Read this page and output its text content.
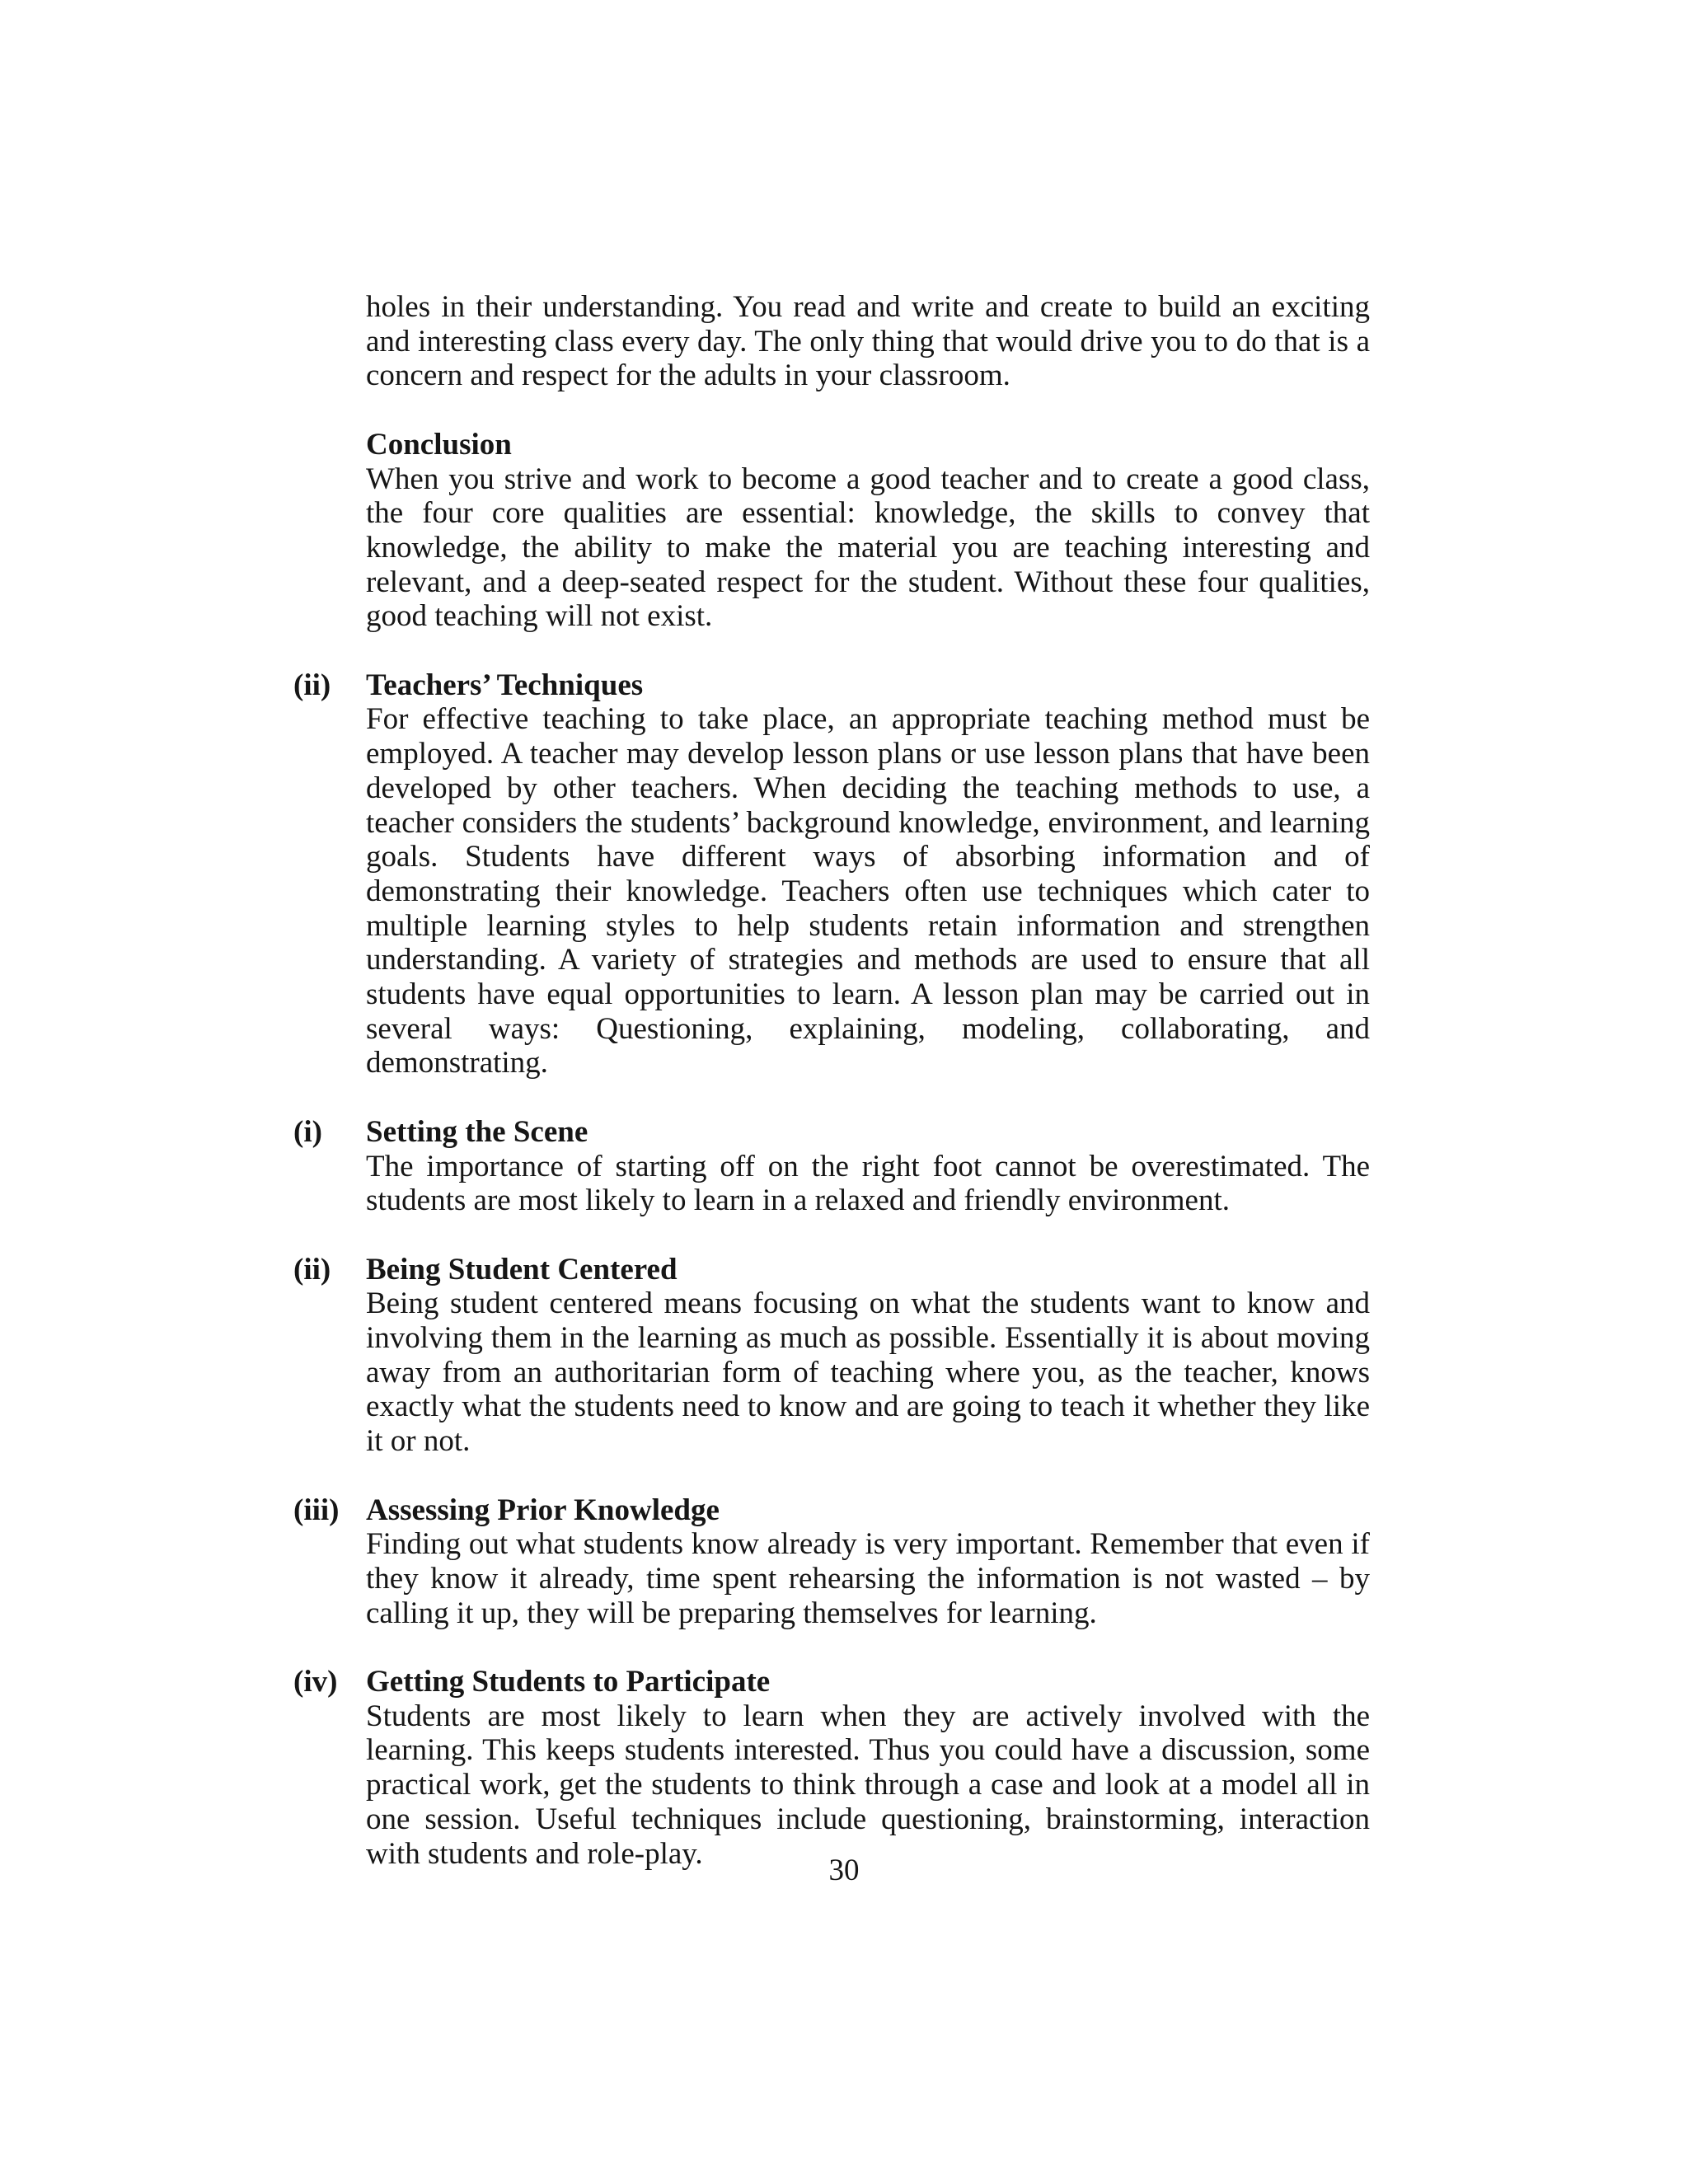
holes in their understanding. You read and write and create to build an exciting and interesting class every day. The only thing that would drive you to do that is a concern and respect for the adults in your classroom.

Conclusion

When you strive and work to become a good teacher and to create a good class, the four core qualities are essential: knowledge, the skills to convey that knowledge, the ability to make the material you are teaching interesting and relevant, and a deep-seated respect for the student. Without these four qualities, good teaching will not exist.

(ii) Teachers’ Techniques

For effective teaching to take place, an appropriate teaching method must be employed. A teacher may develop lesson plans or use lesson plans that have been developed by other teachers. When deciding the teaching methods to use, a teacher considers the students’ background knowledge, environment, and learning goals. Students have different ways of absorbing information and of demonstrating their knowledge. Teachers often use techniques which cater to multiple learning styles to help students retain information and strengthen understanding. A variety of strategies and methods are used to ensure that all students have equal opportunities to learn. A lesson plan may be carried out in several ways: Questioning, explaining, modeling, collaborating, and demonstrating.

(i) Setting the Scene

The importance of starting off on the right foot cannot be overestimated. The students are most likely to learn in a relaxed and friendly environment.

(ii) Being Student Centered

Being student centered means focusing on what the students want to know and involving them in the learning as much as possible. Essentially it is about moving away from an authoritarian form of teaching where you, as the teacher, knows exactly what the students need to know and are going to teach it whether they like it or not.

(iii) Assessing Prior Knowledge

Finding out what students know already is very important. Remember that even if they know it already, time spent rehearsing the information is not wasted – by calling it up, they will be preparing themselves for learning.

(iv) Getting Students to Participate

Students are most likely to learn when they are actively involved with the learning. This keeps students interested. Thus you could have a discussion, some practical work, get the students to think through a case and look at a model all in one session. Useful techniques include questioning, brainstorming, interaction with students and role-play.	30
